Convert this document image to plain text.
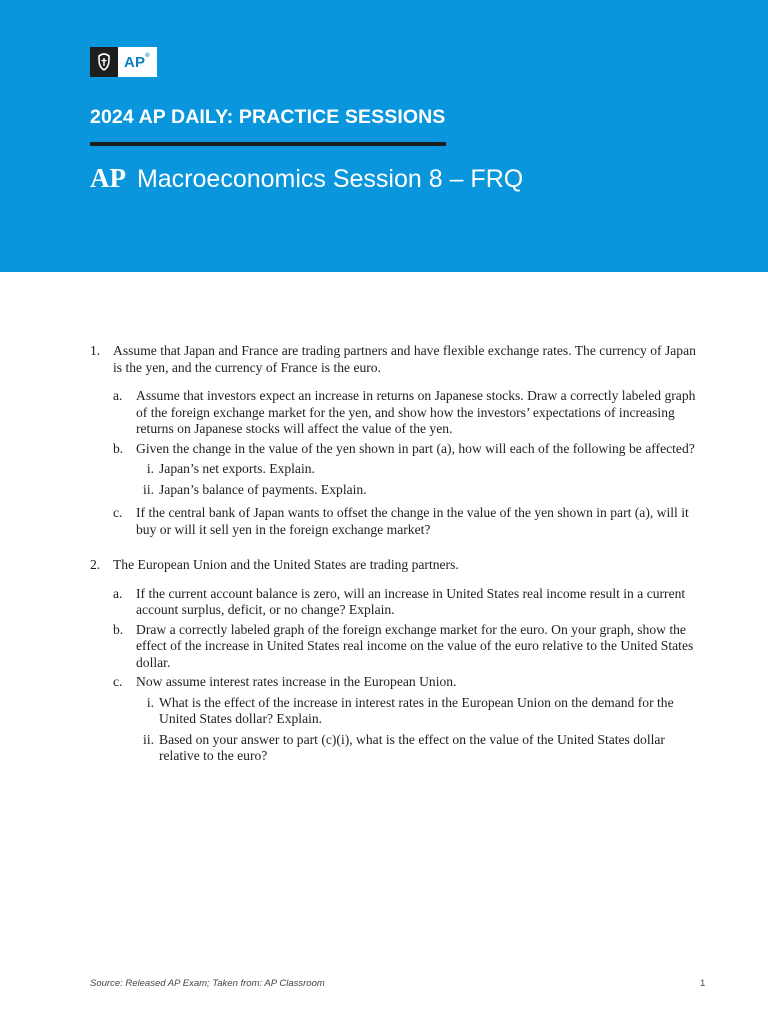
AP®
2024 AP DAILY: PRACTICE SESSIONS
AP Macroeconomics Session 8 – FRQ
1. Assume that Japan and France are trading partners and have flexible exchange rates. The currency of Japan is the yen, and the currency of France is the euro.

a. Assume that investors expect an increase in returns on Japanese stocks. Draw a correctly labeled graph of the foreign exchange market for the yen, and show how the investors’ expectations of increasing returns on Japanese stocks will affect the value of the yen.
b. Given the change in the value of the yen shown in part (a), how will each of the following be affected?
i. Japan’s net exports. Explain.
ii. Japan’s balance of payments. Explain.
c. If the central bank of Japan wants to offset the change in the value of the yen shown in part (a), will it buy or will it sell yen in the foreign exchange market?
2. The European Union and the United States are trading partners.

a. If the current account balance is zero, will an increase in United States real income result in a current account surplus, deficit, or no change? Explain.
b. Draw a correctly labeled graph of the foreign exchange market for the euro. On your graph, show the effect of the increase in United States real income on the value of the euro relative to the United States dollar.
c. Now assume interest rates increase in the European Union.
i. What is the effect of the increase in interest rates in the European Union on the demand for the United States dollar? Explain.
ii. Based on your answer to part (c)(i), what is the effect on the value of the United States dollar relative to the euro?
Source: Released AP Exam; Taken from: AP Classroom	1
